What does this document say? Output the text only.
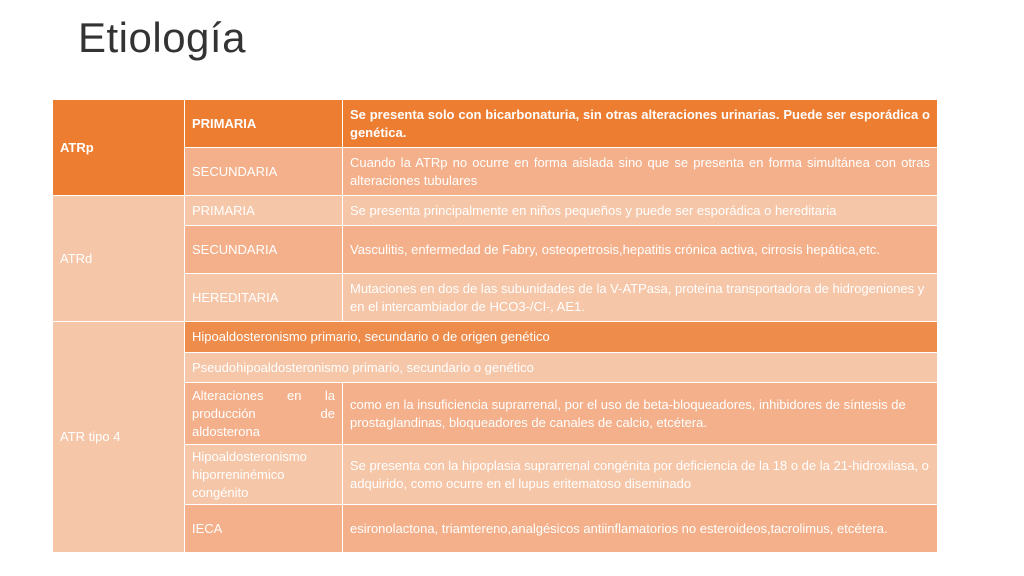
Etiología
ATRp	PRIMARIA	Se presenta solo con bicarbonaturia, sin otras alteraciones urinarias. Puede ser esporádica o genética.
	SECUNDARIA	Cuando la ATRp no ocurre en forma aislada sino que se presenta en forma simultánea con otras alteraciones tubulares
ATRd	PRIMARIA	Se presenta principalmente en niños pequeños y puede ser esporádica o hereditaria
	SECUNDARIA	Vasculitis, enfermedad de Fabry, osteopetrosis,hepatitis crónica activa, cirrosis hepática,etc.
	HEREDITARIA	Mutaciones en dos de las subunidades de la V-ATPasa, proteína transportadora de hidrogeniones y en el intercambiador de HCO3-/Cl-, AE1.
ATR tipo 4	Hipoaldosteronismo primario, secundario o de origen genético	
	Pseudohipoaldosteronismo primario, secundario o genético	
	Alteraciones en la producción de aldosterona	como en la insuficiencia suprarrenal, por el uso de beta-bloqueadores, inhibidores de síntesis de prostaglandinas, bloqueadores de canales de calcio, etcétera.
	Hipoaldosteronismo hiporreninémico congénito	Se presenta con la hipoplasia suprarrenal congénita por deficiencia de la 18 o de la 21-hidroxilasa, o adquirido, como ocurre en el lupus eritematoso diseminado
	IECA	esironolactona, triamtereno,analgésicos antiinflamatorios no esteroideos,tacrolimus, etcétera.
